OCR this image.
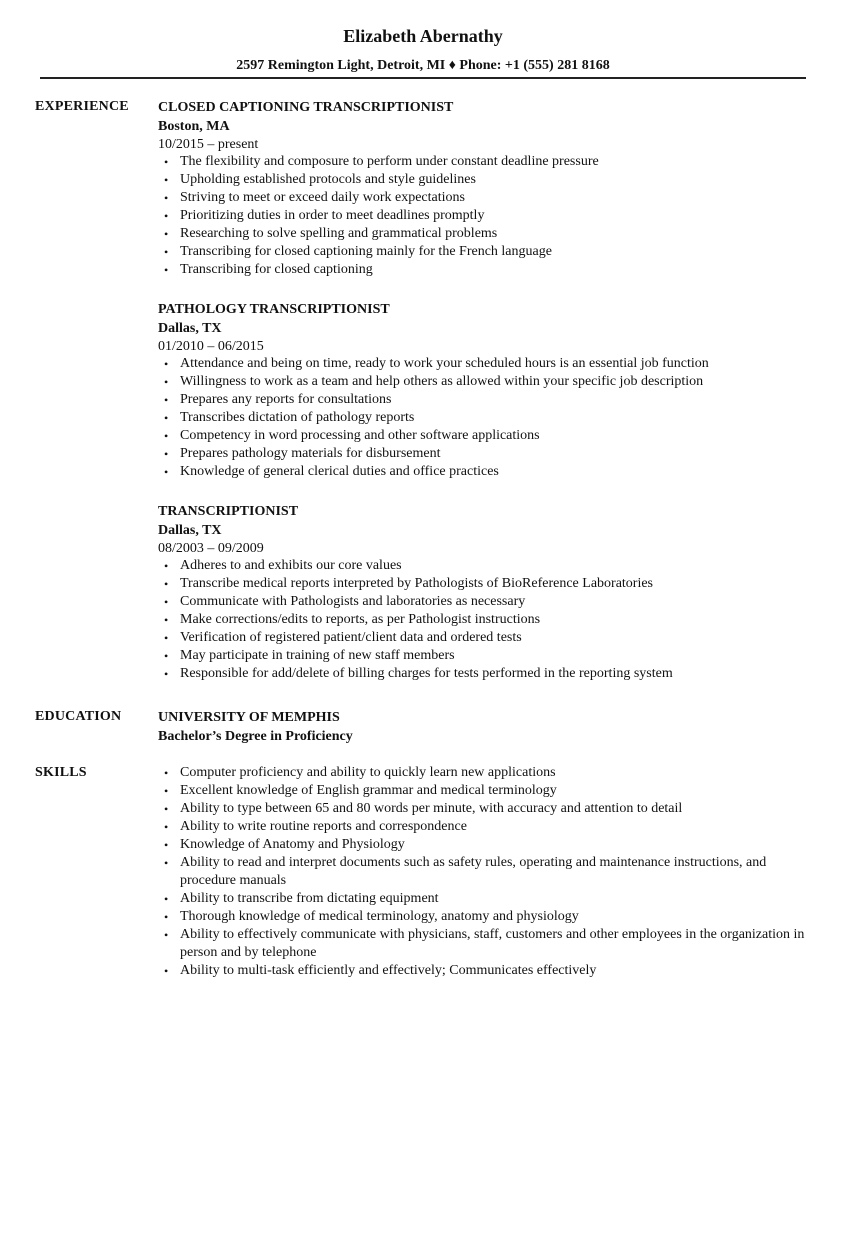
Elizabeth Abernathy
2597 Remington Light, Detroit, MI ♦ Phone: +1 (555) 281 8168
EXPERIENCE CLOSED CAPTIONING TRANSCRIPTIONIST
Boston, MA
10/2015 – present
• The flexibility and composure to perform under constant deadline pressure
• Upholding established protocols and style guidelines
• Striving to meet or exceed daily work expectations
• Prioritizing duties in order to meet deadlines promptly
• Researching to solve spelling and grammatical problems
• Transcribing for closed captioning mainly for the French language
• Transcribing for closed captioning
PATHOLOGY TRANSCRIPTIONIST
Dallas, TX
01/2010 – 06/2015
• Attendance and being on time, ready to work your scheduled hours is an essential job function
• Willingness to work as a team and help others as allowed within your specific job description
• Prepares any reports for consultations
• Transcribes dictation of pathology reports
• Competency in word processing and other software applications
• Prepares pathology materials for disbursement
• Knowledge of general clerical duties and office practices
TRANSCRIPTIONIST
Dallas, TX
08/2003 – 09/2009
• Adheres to and exhibits our core values
• Transcribe medical reports interpreted by Pathologists of BioReference Laboratories
• Communicate with Pathologists and laboratories as necessary
• Make corrections/edits to reports, as per Pathologist instructions
• Verification of registered patient/client data and ordered tests
• May participate in training of new staff members
• Responsible for add/delete of billing charges for tests performed in the reporting system
EDUCATION	UNIVERSITY OF MEMPHIS
Bachelor’s Degree in Proficiency
SKILLS
•	Computer proficiency and ability to quickly learn new applications
• Excellent knowledge of English grammar and medical terminology
• Ability to type between 65 and 80 words per minute, with accuracy and attention to detail
• Ability to write routine reports and correspondence
• Knowledge of Anatomy and Physiology
• Ability to read and interpret documents such as safety rules, operating and maintenance instructions, and procedure manuals
• Ability to transcribe from dictating equipment
• Thorough knowledge of medical terminology, anatomy and physiology
• Ability to effectively communicate with physicians, staff, customers and other employees in the organization in person and by telephone
• Ability to multi-task efficiently and effectively; Communicates effectively
